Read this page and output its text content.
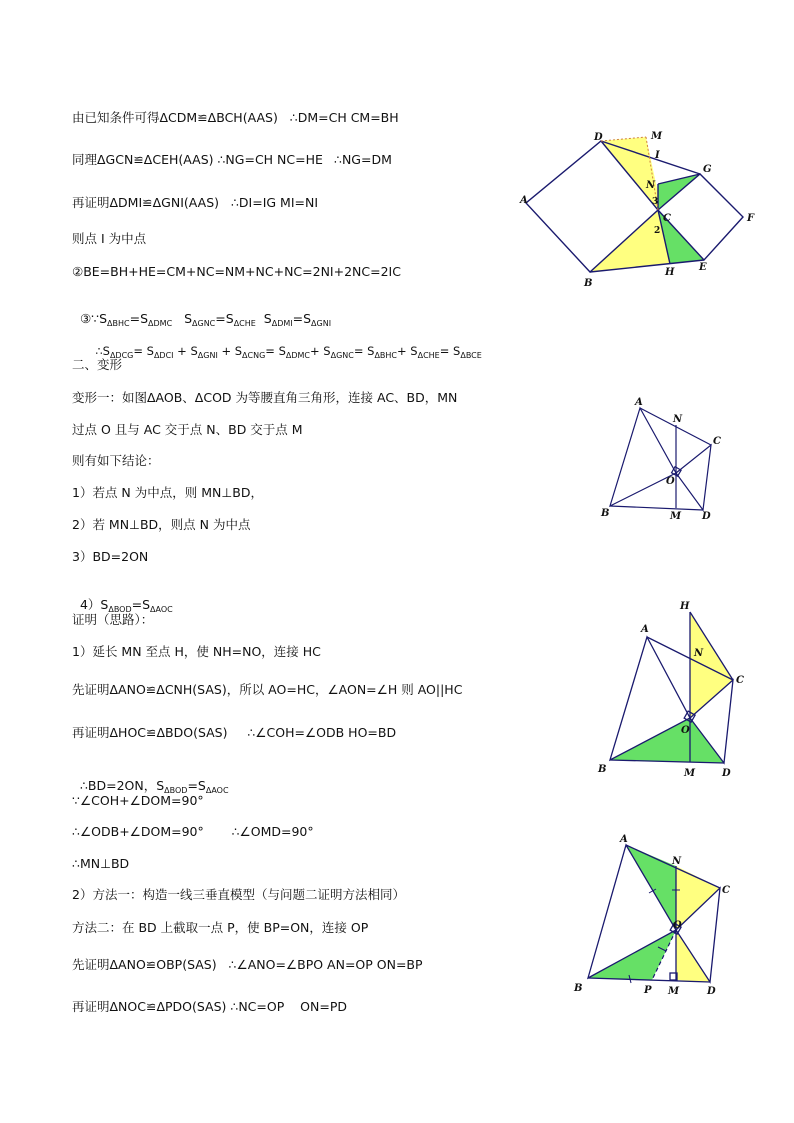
由已知条件可得ΔCDM≌ΔBCH(AAS)   ∴DM=CH CM=BH
同理ΔGCN≌ΔCEH(AAS) ∴NG=CH NC=HE ∴NG=DM
再证明ΔDMI≌ΔGNI(AAS)   ∴DI=IG MI=NI
则点 I 为中点
②BE=BH+HE=CM+NC=NM+NC+NC=2NI+2NC=2IC

$③\because S_{\Delta BHC}=S_{\Delta DMC}$   $S_{\Delta GNC}=S_{\Delta CHE}$  $S_{\Delta DMI}=S_{\Delta GNI}$

$\therefore S_{\Delta DCG}= S_{\Delta DCI} + S_{\Delta GNI} + S_{\Delta CNG}= S_{\Delta DMC}+ S_{\Delta GNC}= S_{\Delta BHC}+ S_{\Delta CHE}= S_{\Delta BCE}$

二、变形
变形一：如图ΔAOB、ΔCOD 为等腰直角三角形，连接 AC、BD，MN
过点 O 且与 AC 交于点 N、BD 交于点 M
则有如下结论：
1）若点 N 为中点，则 MN⊥BD，
2）若 MN⊥BD，则点 N 为中点
3）BD=2ON

$4)S_{\Delta BOD}=S_{\Delta AOC}$

证明（思路）：
1）延长 MN 至点 H，使 NH=NO，连接 HC
先证明ΔANO≌ΔCNH(SAS)，所以 AO=HC，∠AON=∠H 则 AO||HC
再证明ΔHOC≌ΔBDO(SAS)     ∴∠COH=∠ODB HO=BD

∴BD=2ON，$S_{\Delta BOD}=S_{\Delta AOC}$

∵∠COH+∠DOM=90°
∴∠ODB+∠DOM=90°       ∴∠OMD=90°
∴MN⊥BD
2）方法一：构造一线三垂直模型（与问题二证明方法相同）
方法二：在 BD 上截取一点 P，使 BP=ON，连接 OP
先证明ΔANO≌OBP(SAS)   ∴∠ANO=∠BPO AN=OP ON=BP
再证明ΔNOC≌ΔPDO(SAS) ∴NC=OP    ON=PD
D	M
I
G
N
3
A
C	F
2
H E
B
A
N
C
O
B	M D
H
A
N
C
O
B	M	D
A
N
C
O
B	P M	D
